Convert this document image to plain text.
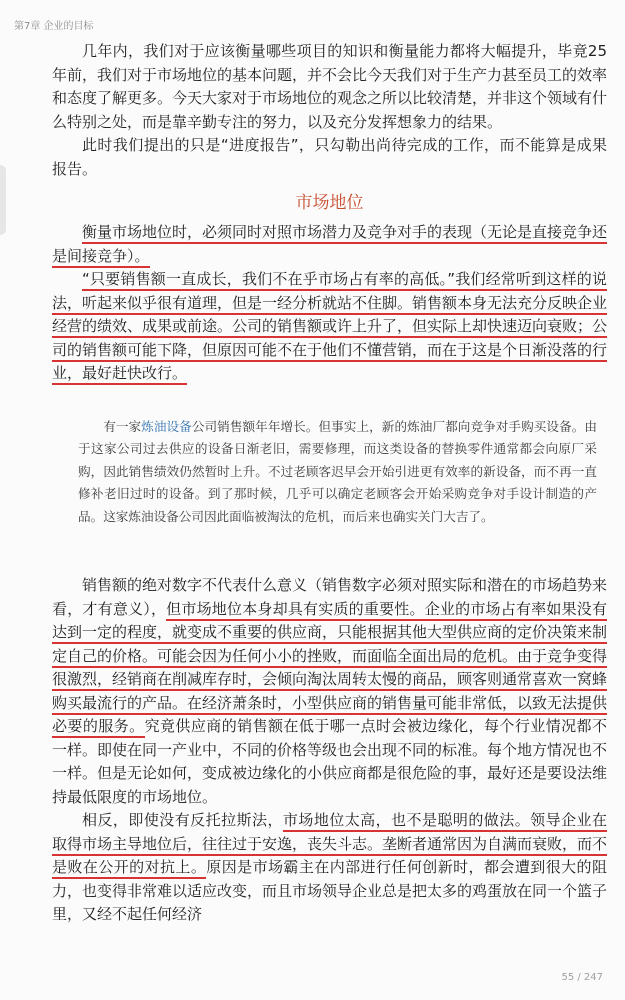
第7章 企业的目标

几年内，我们对于应该衡量哪些项目的知识和衡量能力都将大幅提升，毕竟25年前，我们对于市场地位的基本问题，并不会比今天我们对于生产力甚至员工的效率和态度了解更多。今天大家对于市场地位的观念之所以比较清楚，并非这个领域有什么特别之处，而是靠辛勤专注的努力，以及充分发挥想象力的结果。

此时我们提出的只是“进度报告”，只勾勒出尚待完成的工作，而不能算是成果报告。

市场地位

衡量市场地位时，必须同时对照市场潜力及竞争对手的表现（无论是直接竞争还是间接竞争）。

“只要销售额一直成长，我们不在乎市场占有率的高低。”我们经常听到这样的说法，听起来似乎很有道理，但是一经分析就站不住脚。销售额本身无法充分反映企业经营的绩效、成果或前途。公司的销售额或许上升了，但实际上却快速迈向衰败；公司的销售额可能下降，但原因可能不在于他们不懂营销，而在于这是个日渐没落的行业，最好赶快改行。

有一家炼油设备公司销售额年年增长。但事实上，新的炼油厂都向竞争对手购买设备。由于这家公司过去供应的设备日渐老旧，需要修理，而这类设备的替换零件通常都会向原厂采购，因此销售绩效仍然暂时上升。不过老顾客迟早会开始引进更有效率的新设备，而不再一直修补老旧过时的设备。到了那时候，几乎可以确定老顾客会开始采购竞争对手设计制造的产品。这家炼油设备公司因此面临被淘汰的危机，而后来也确实关门大吉了。

销售额的绝对数字不代表什么意义（销售数字必须对照实际和潜在的市场趋势来看，才有意义），但市场地位本身却具有实质的重要性。企业的市场占有率如果没有达到一定的程度，就变成不重要的供应商，只能根据其他大型供应商的定价决策来制定自己的价格。可能会因为任何小小的挫败，而面临全面出局的危机。由于竞争变得很激烈，经销商在削减库存时，会倾向淘汰周转太慢的商品，顾客则通常喜欢一窝蜂购买最流行的产品。在经济萧条时，小型供应商的销售量可能非常低，以致无法提供必要的服务。究竟供应商的销售额在低于哪一点时会被边缘化，每个行业情况都不一样。即使在同一产业中，不同的价格等级也会出现不同的标准。每个地方情况也不一样。但是无论如何，变成被边缘化的小供应商都是很危险的事，最好还是要设法维持最低限度的市场地位。

相反，即使没有反托拉斯法，市场地位太高，也不是聪明的做法。领导企业在取得市场主导地位后，往往过于安逸，丧失斗志。垄断者通常因为自满而衰败，而不是败在公开的对抗上。原因是市场霸主在内部进行任何创新时，都会遭到很大的阻力，也变得非常难以适应改变，而且市场领导企业总是把太多的鸡蛋放在同一个篮子里，又经不起任何经济

55 / 247
